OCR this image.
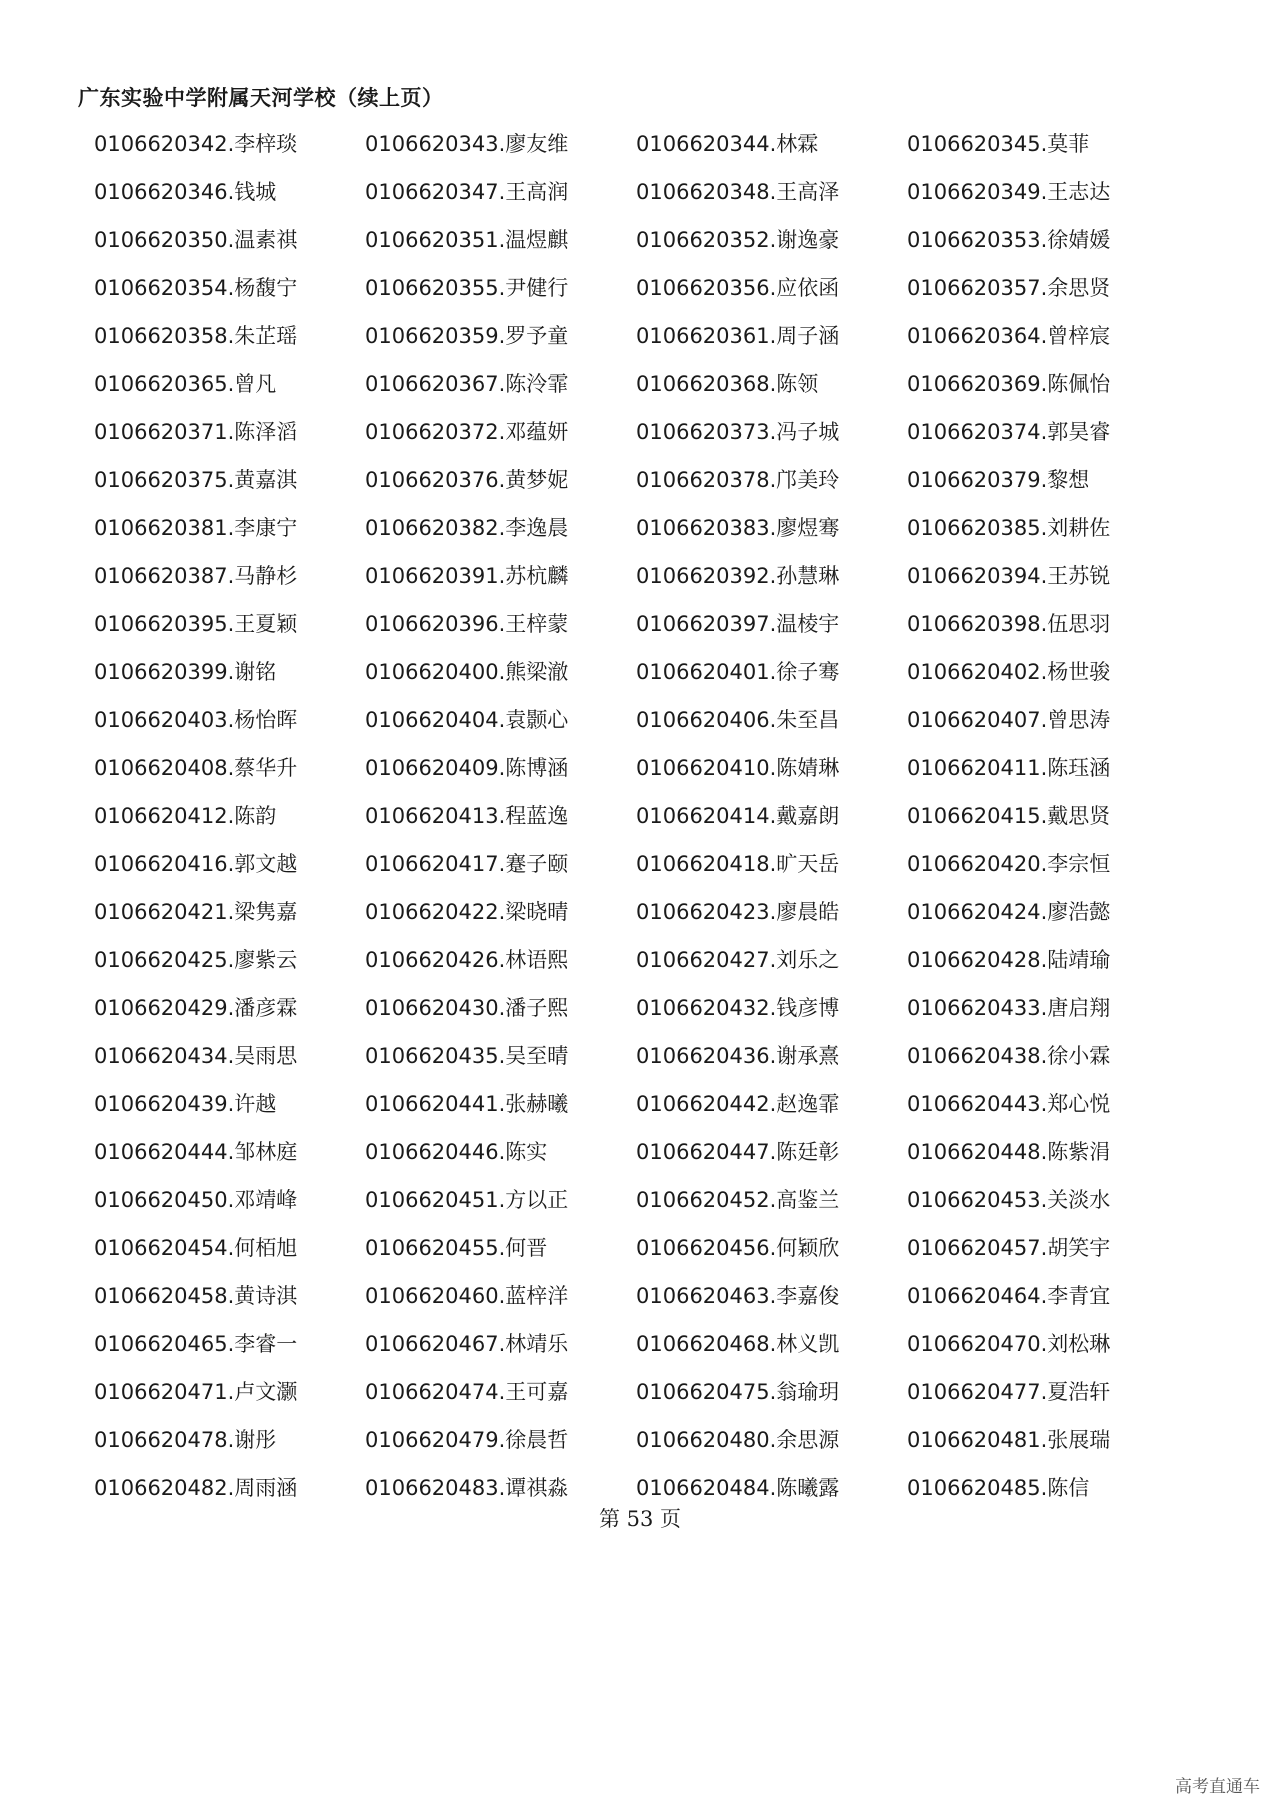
广东实验中学附属天河学校（续上页）
0106620342.李梓琰	0106620343.廖友维	0106620344.林霖	0106620345.莫菲
0106620346.钱城	0106620347.王高润	0106620348.王高泽	0106620349.王志达
0106620350.温素祺	0106620351.温煜麒	0106620352.谢逸豪	0106620353.徐婧媛
0106620354.杨馥宁	0106620355.尹健行	0106620356.应依函	0106620357.余思贤
0106620358.朱芷瑶	0106620359.罗予童	0106620361.周子涵	0106620364.曾梓宸
0106620365.曾凡	0106620367.陈泠霏	0106620368.陈领	0106620369.陈佩怡
0106620371.陈泽滔	0106620372.邓蕴妍	0106620373.冯子城	0106620374.郭昊睿
0106620375.黄嘉淇	0106620376.黄梦妮	0106620378.邝美玲	0106620379.黎想
0106620381.李康宁	0106620382.李逸晨	0106620383.廖煜骞	0106620385.刘耕佐
0106620387.马静杉	0106620391.苏杭麟	0106620392.孙慧琳	0106620394.王苏锐
0106620395.王夏颖	0106620396.王梓蒙	0106620397.温棱宇	0106620398.伍思羽
0106620399.谢铭	0106620400.熊梁澈	0106620401.徐子骞	0106620402.杨世骏
0106620403.杨怡晖	0106620404.袁颢心	0106620406.朱至昌	0106620407.曾思涛
0106620408.蔡华升	0106620409.陈博涵	0106620410.陈婧琳	0106620411.陈珏涵
0106620412.陈韵	0106620413.程蓝逸	0106620414.戴嘉朗	0106620415.戴思贤
0106620416.郭文越	0106620417.蹇子颐	0106620418.旷天岳	0106620420.李宗恒
0106620421.梁隽嘉	0106620422.梁晓晴	0106620423.廖晨皓	0106620424.廖浩懿
0106620425.廖紫云	0106620426.林语熙	0106620427.刘乐之	0106620428.陆靖瑜
0106620429.潘彦霖	0106620430.潘子熙	0106620432.钱彦博	0106620433.唐启翔
0106620434.吴雨思	0106620435.吴至晴	0106620436.谢承熹	0106620438.徐小霖
0106620439.许越	0106620441.张赫曦	0106620442.赵逸霏	0106620443.郑心悦
0106620444.邹林庭	0106620446.陈实	0106620447.陈廷彰	0106620448.陈紫涓
0106620450.邓靖峰	0106620451.方以正	0106620452.高鉴兰	0106620453.关淡水
0106620454.何栢旭	0106620455.何晋	0106620456.何颖欣	0106620457.胡笑宇
0106620458.黄诗淇	0106620460.蓝梓洋	0106620463.李嘉俊	0106620464.李青宜
0106620465.李睿一	0106620467.林靖乐	0106620468.林义凯	0106620470.刘松琳
0106620471.卢文灏	0106620474.王可嘉	0106620475.翁瑜玥	0106620477.夏浩轩
0106620478.谢彤	0106620479.徐晨哲	0106620480.余思源	0106620481.张展瑞
0106620482.周雨涵	0106620483.谭祺淼	0106620484.陈曦露	0106620485.陈信
第 53 页
高考直通车
